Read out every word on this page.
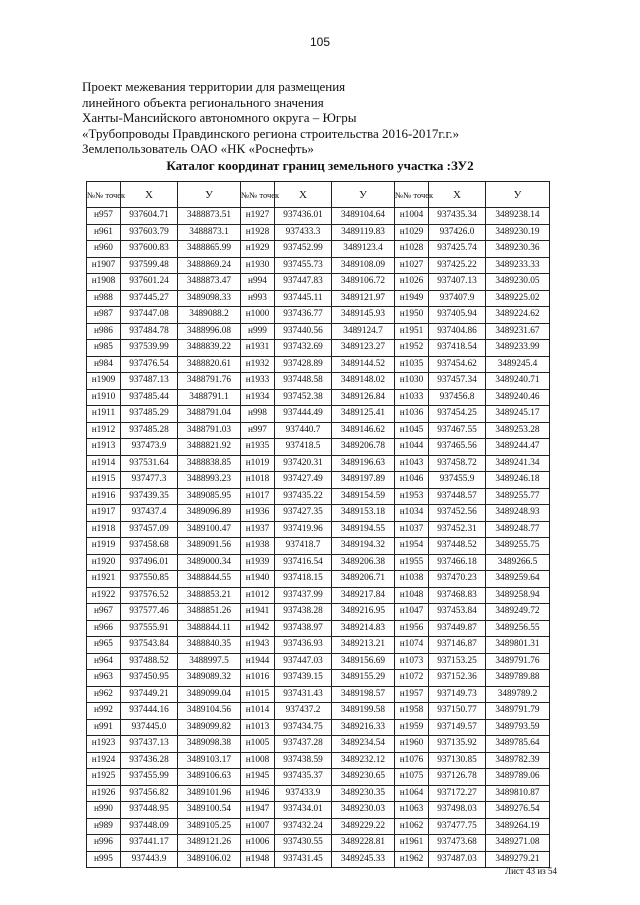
105
Проект межевания территории для размещения
линейного объекта регионального значения
Ханты-Мансийского автономного округа – Югры
«Трубопроводы Правдинского региона строительства 2016-2017г.г.»
Землепользователь ОАО «НК «Роснефть»
Каталог координат границ земельного участка :ЗУ2
№№ точек	X	У	№№ точек	X	У	№№ точек	X	У
н957	937604.71	3488873.51	н1927	937436.01	3489104.64	н1004	937435.34	3489238.14
н961	937603.79	3488873.1	н1928	937433.3	3489119.83	н1029	937426.0	3489230.19
н960	937600.83	3488865.99	н1929	937452.99	3489123.4	н1028	937425.74	3489230.36
н1907	937599.48	3488869.24	н1930	937455.73	3489108.09	н1027	937425.22	3489233.33
н1908	937601.24	3488873.47	н994	937447.83	3489106.72	н1026	937407.13	3489230.05
н988	937445.27	3489098.33	н993	937445.11	3489121.97	н1949	937407.9	3489225.02
н987	937447.08	3489088.2	н1000	937436.77	3489145.93	н1950	937405.94	3489224.62
н986	937484.78	3488996.08	н999	937440.56	3489124.7	н1951	937404.86	3489231.67
н985	937539.99	3488839.22	н1931	937432.69	3489123.27	н1952	937418.54	3489233.99
н984	937476.54	3488820.61	н1932	937428.89	3489144.52	н1035	937454.62	3489245.4
н1909	937487.13	3488791.76	н1933	937448.58	3489148.02	н1030	937457.34	3489240.71
н1910	937485.44	3488791.1	н1934	937452.38	3489126.84	н1033	937456.8	3489240.46
н1911	937485.29	3488791.04	н998	937444.49	3489125.41	н1036	937454.25	3489245.17
н1912	937485.28	3488791.03	н997	937440.7	3489146.62	н1045	937467.55	3489253.28
н1913	937473.9	3488821.92	н1935	937418.5	3489206.78	н1044	937465.56	3489244.47
н1914	937531.64	3488838.85	н1019	937420.31	3489196.63	н1043	937458.72	3489241.34
н1915	937477.3	3488993.23	н1018	937427.49	3489197.89	н1046	937455.9	3489246.18
н1916	937439.35	3489085.95	н1017	937435.22	3489154.59	н1953	937448.57	3489255.77
н1917	937437.4	3489096.89	н1936	937427.35	3489153.18	н1034	937452.56	3489248.93
н1918	937457.09	3489100.47	н1937	937419.96	3489194.55	н1037	937452.31	3489248.77
н1919	937458.68	3489091.56	н1938	937418.7	3489194.32	н1954	937448.52	3489255.75
н1920	937496.01	3489000.34	н1939	937416.54	3489206.38	н1955	937466.18	3489266.5
н1921	937550.85	3488844.55	н1940	937418.15	3489206.71	н1038	937470.23	3489259.64
н1922	937576.52	3488853.21	н1012	937437.99	3489217.84	н1048	937468.83	3489258.94
н967	937577.46	3488851.26	н1941	937438.28	3489216.95	н1047	937453.84	3489249.72
н966	937555.91	3488844.11	н1942	937438.97	3489214.83	н1956	937449.87	3489256.55
н965	937543.84	3488840.35	н1943	937436.93	3489213.21	н1074	937146.87	3489801.31
н964	937488.52	3488997.5	н1944	937447.03	3489156.69	н1073	937153.25	3489791.76
н963	937450.95	3489089.32	н1016	937439.15	3489155.29	н1072	937152.36	3489789.88
н962	937449.21	3489099.04	н1015	937431.43	3489198.57	н1957	937149.73	3489789.2
н992	937444.16	3489104.56	н1014	937437.2	3489199.58	н1958	937150.77	3489791.79
н991	937445.0	3489099.82	н1013	937434.75	3489216.33	н1959	937149.57	3489793.59
н1923	937437.13	3489098.38	н1005	937437.28	3489234.54	н1960	937135.92	3489785.64
н1924	937436.28	3489103.17	н1008	937438.59	3489232.12	н1076	937130.85	3489782.39
н1925	937455.99	3489106.63	н1945	937435.37	3489230.65	н1075	937126.78	3489789.06
н1926	937456.82	3489101.96	н1946	937433.9	3489230.35	н1064	937172.27	3489810.87
н990	937448.95	3489100.54	н1947	937434.01	3489230.03	н1063	937498.03	3489276.54
н989	937448.09	3489105.25	н1007	937432.24	3489229.22	н1062	937477.75	3489264.19
н996	937441.17	3489121.26	н1006	937430.55	3489228.81	н1961	937473.68	3489271.08
н995	937443.9	3489106.02	н1948	937431.45	3489245.33	н1962	937487.03	3489279.21
Лист 43 из 54
